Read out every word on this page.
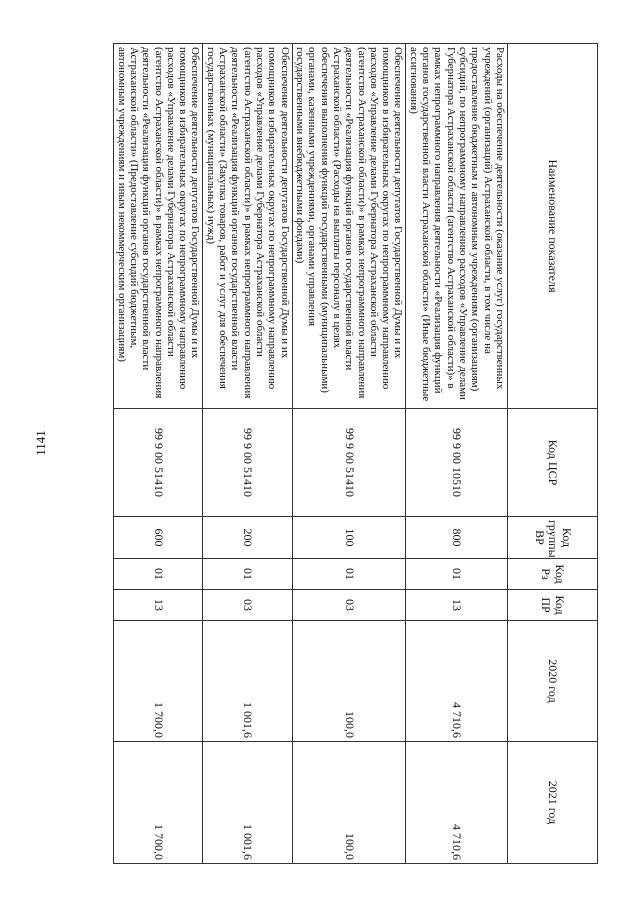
1141
Наименование показателя	Код ЦСР	Код группы ВР	Код Рз	Код ПР	2020 год	2021 год
Расходы на обеспечение деятельности (оказание услуг) государственных учреждений (организаций) Астраханской области, в том числе на предоставление бюджетным и автономным учреждениям (организациям) субсидий, по непрограммному направлению расходов «Управление делами Губернатора Астраханской области (агентство Астраханской области)» в рамках непрограммного направления деятельности «Реализация функций органов государственной власти Астраханской области» (Иные бюджетные ассигнования)	99 9 00 10510	800	01	13	4 710,6	4 710,6
Обеспечение деятельности депутатов Государственной Думы и их помощников в избирательных округах по непрограммному направлению расходов «Управление делами Губернатора Астраханской области (агентство Астраханской области)» в рамках непрограммного направления деятельности «Реализация функций органов государственной власти Астраханской области» (Расходы на выплаты персоналу в целях обеспечения выполнения функций государственными (муниципальными) органами, казенными учреждениями, органами управления государственными внебюджетными фондами)	99 9 00 51410	100	01	03	100,0	100,0
Обеспечение деятельности депутатов Государственной Думы и их помощников в избирательных округах по непрограммному направлению расходов «Управление делами Губернатора Астраханской области (агентство Астраханской области)» в рамках непрограммного направления деятельности «Реализация функций органов государственной власти Астраханской области» (Закупка товаров, работ и услуг для обеспечения государственных (муниципальных) нужд)	99 9 00 51410	200	01	03	1 001,6	1 001,6
Обеспечение деятельности депутатов Государственной Думы и их помощников в избирательных округах по непрограммному направлению расходов «Управление делами Губернатора Астраханской области (агентство Астраханской области)» в рамках непрограммного направления деятельности «Реализация функций органов государственной власти Астраханской области» (Предоставление субсидий бюджетным, автономным учреждениям и иным некоммерческим организациям)	99 9 00 51410	600	01	13	1 700,0	1 700,0
